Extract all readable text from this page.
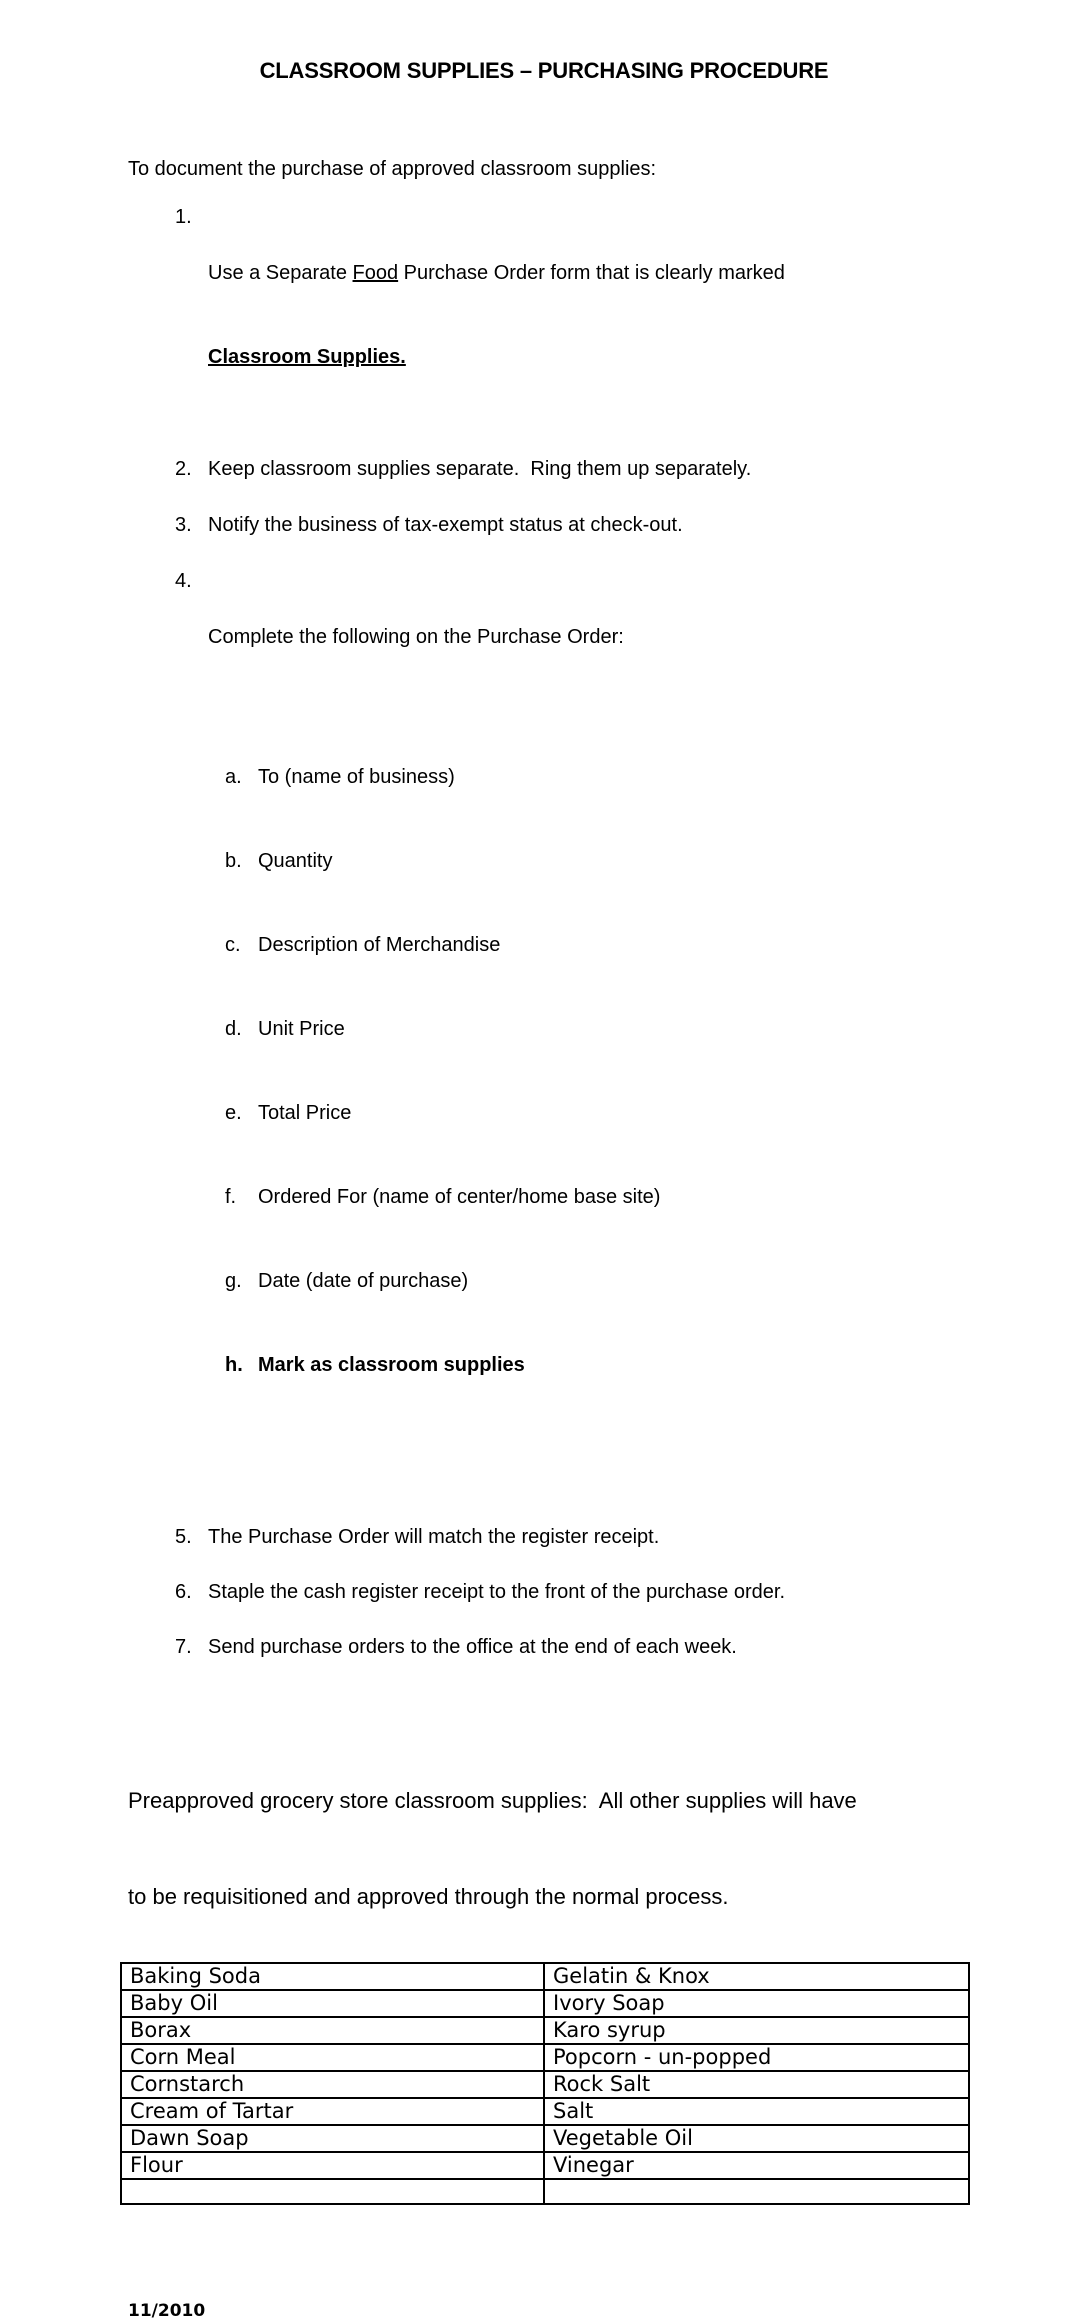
CLASSROOM SUPPLIES – PURCHASING PROCEDURE
To document the purchase of approved classroom supplies:
1.

Use a Separate Food Purchase Order form that is clearly marked

Classroom Supplies.

2. Keep classroom supplies separate.  Ring them up separately.
3. Notify the business of tax-exempt status at check-out.
4.

Complete the following on the Purchase Order:

a. To (name of business)

b. Quantity

c. Description of Merchandise

d. Unit Price

e. Total Price

f.	Ordered For (name of center/home base site)

g. Date (date of purchase)

h. Mark as classroom supplies

5. The Purchase Order will match the register receipt.
6. Staple the cash register receipt to the front of the purchase order.
7. Send purchase orders to the office at the end of each week.

Preapproved grocery store classroom supplies:  All other supplies will have

to be requisitioned and approved through the normal process.

Baking Soda	Gelatin & Knox
Baby Oil	Ivory Soap
Borax	Karo syrup
Corn Meal	Popcorn - un-popped
Cornstarch	Rock Salt
Cream of Tartar	Salt
Dawn Soap	Vegetable Oil
Flour	Vinegar

11/2010
